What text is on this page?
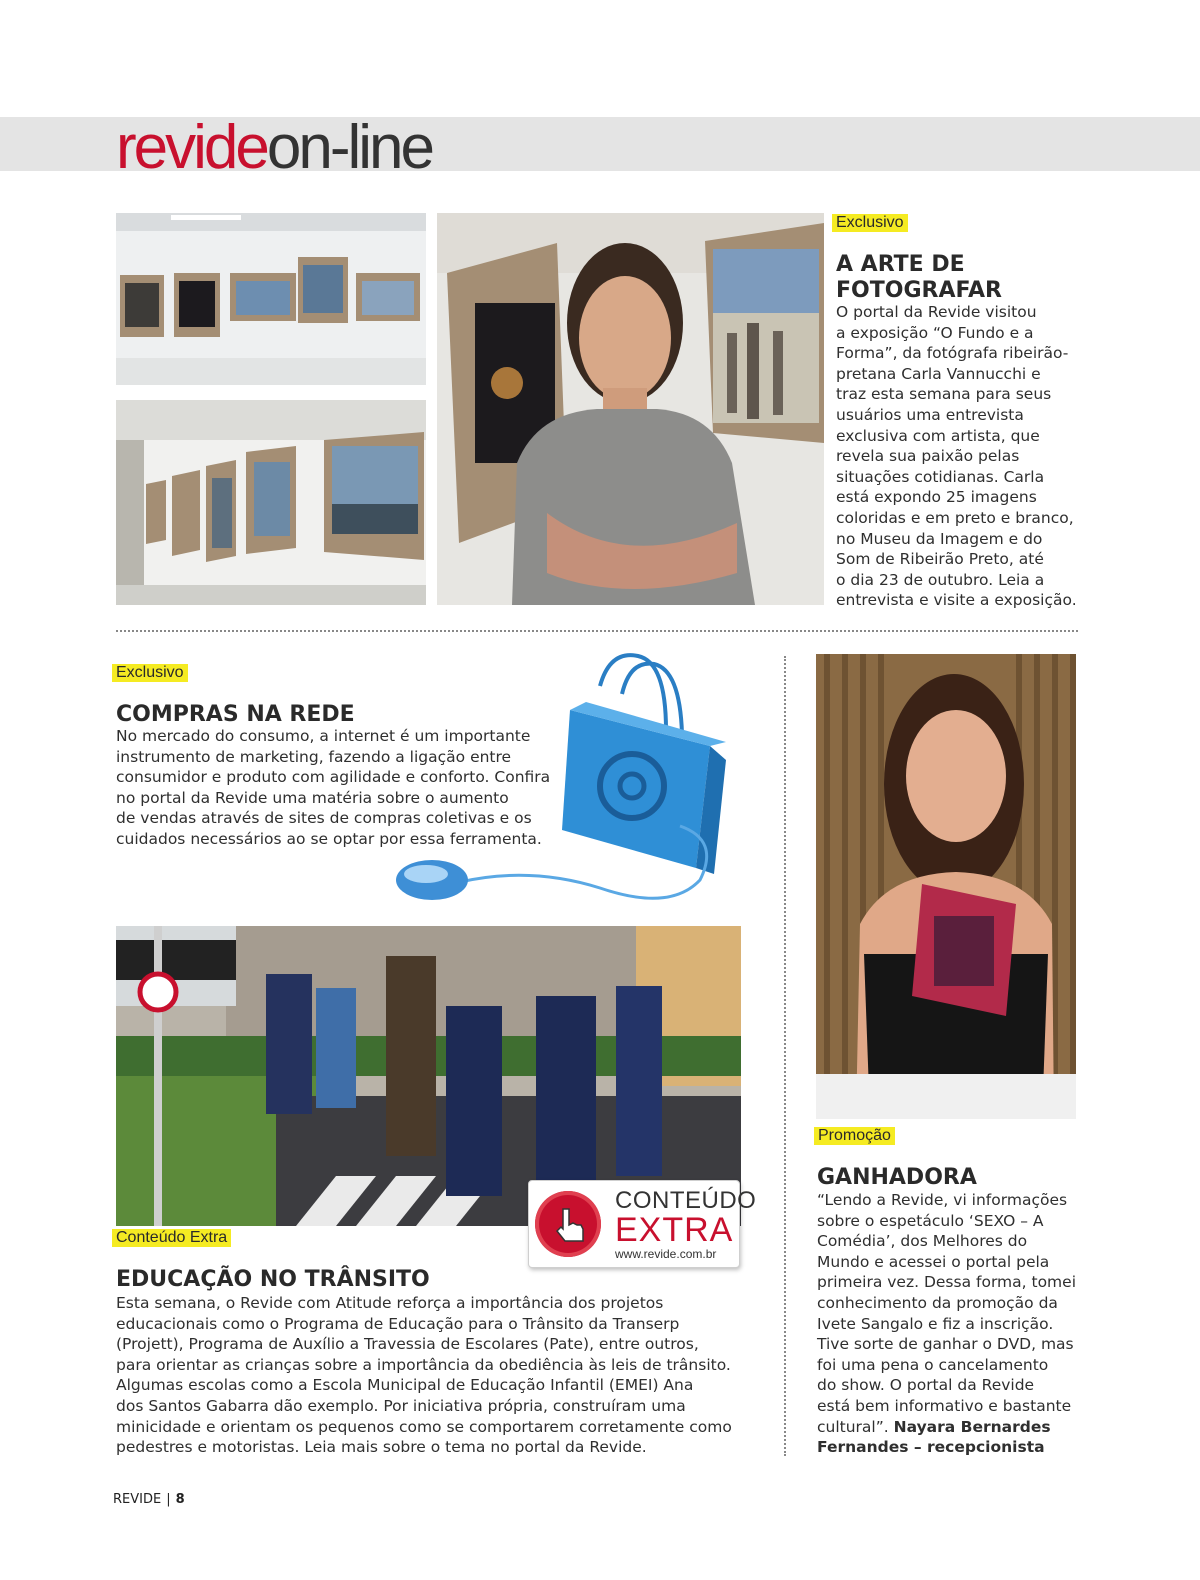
revideon-line
Exclusivo
A ARTE DE
FOTOGRAFAR
O portal da Revide visitou
a exposição “O Fundo e a
Forma”, da fotógrafa ribeirão-
pretana Carla Vannucchi e
traz esta semana para seus
usuários uma entrevista
exclusiva com artista, que
revela sua paixão pelas
situações cotidianas. Carla
está expondo 25 imagens
coloridas e em preto e branco,
no Museu da Imagem e do
Som de Ribeirão Preto, até
o dia 23 de outubro. Leia a
entrevista e visite a exposição.
Exclusivo
COMPRAS NA REDE
No mercado do consumo, a internet é um importante
instrumento de marketing, fazendo a ligação entre
consumidor e produto com agilidade e conforto. Confira
no portal da Revide uma matéria sobre o aumento
de vendas através de sites de compras coletivas e os
cuidados necessários ao se optar por essa ferramenta.
CONTEÚDO
EXTRA
www.revide.com.br
Conteúdo Extra
EDUCAÇÃO NO TRÂNSITO
Esta semana, o Revide com Atitude reforça a importância dos projetos
educacionais como o Programa de Educação para o Trânsito da Transerp
(Projett), Programa de Auxílio a Travessia de Escolares (Pate), entre outros,
para orientar as crianças sobre a importância da obediência às leis de trânsito.
Algumas escolas como a Escola Municipal de Educação Infantil (EMEI) Ana
dos Santos Gabarra dão exemplo. Por iniciativa própria, construíram uma
minicidade e orientam os pequenos como se comportarem corretamente como
pedestres e motoristas. Leia mais sobre o tema no portal da Revide.
Promoção
GANHADORA
“Lendo a Revide, vi informações
sobre o espetáculo ‘SEXO – A
Comédia’, dos Melhores do
Mundo e acessei o portal pela
primeira vez. Dessa forma, tomei
conhecimento da promoção da
Ivete Sangalo e fiz a inscrição.
Tive sorte de ganhar o DVD, mas
foi uma pena o cancelamento
do show. O portal da Revide
está bem informativo e bastante
cultural”. Nayara Bernardes
Fernandes – recepcionista
REVIDE | 8
